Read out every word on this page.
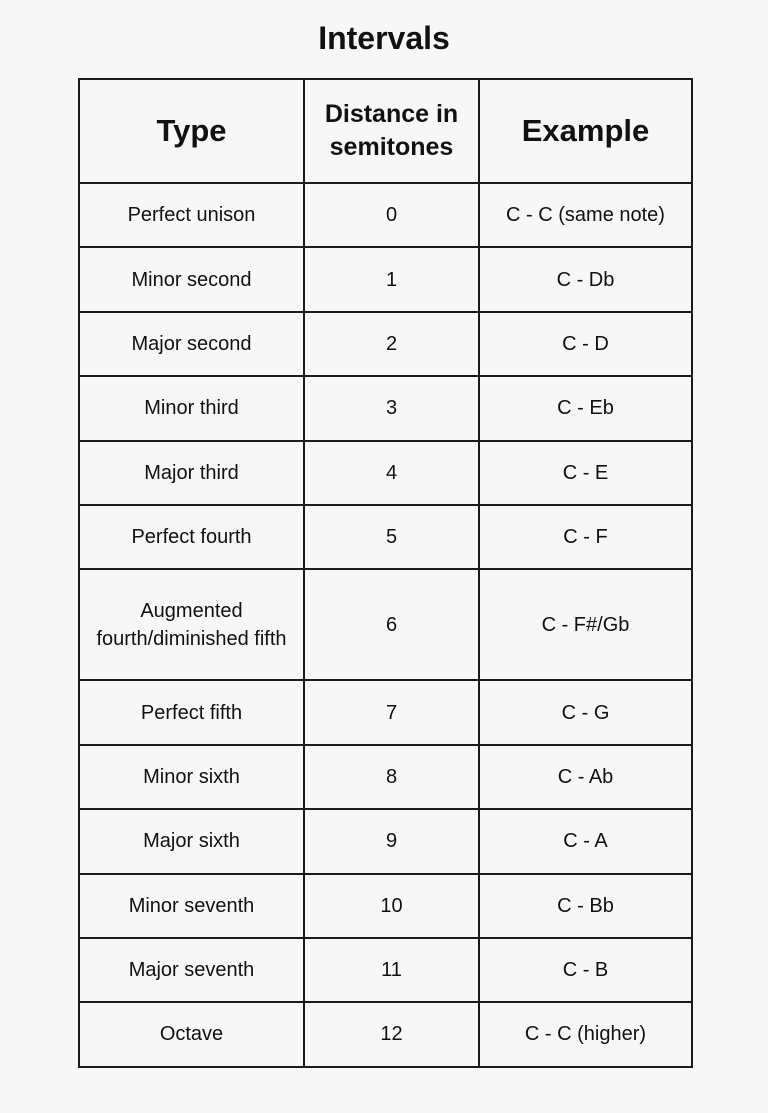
Intervals
Type	Distance in semitones	Example
Perfect unison	0	C - C (same note)
Minor second	1	C - Db
Major second	2	C - D
Minor third	3	C - Eb
Major third	4	C - E
Perfect fourth	5	C - F
Augmented fourth/diminished fifth	6	C - F#/Gb
Perfect fifth	7	C - G
Minor sixth	8	C - Ab
Major sixth	9	C - A
Minor seventh	10	C - Bb
Major seventh	11	C - B
Octave	12	C - C (higher)
